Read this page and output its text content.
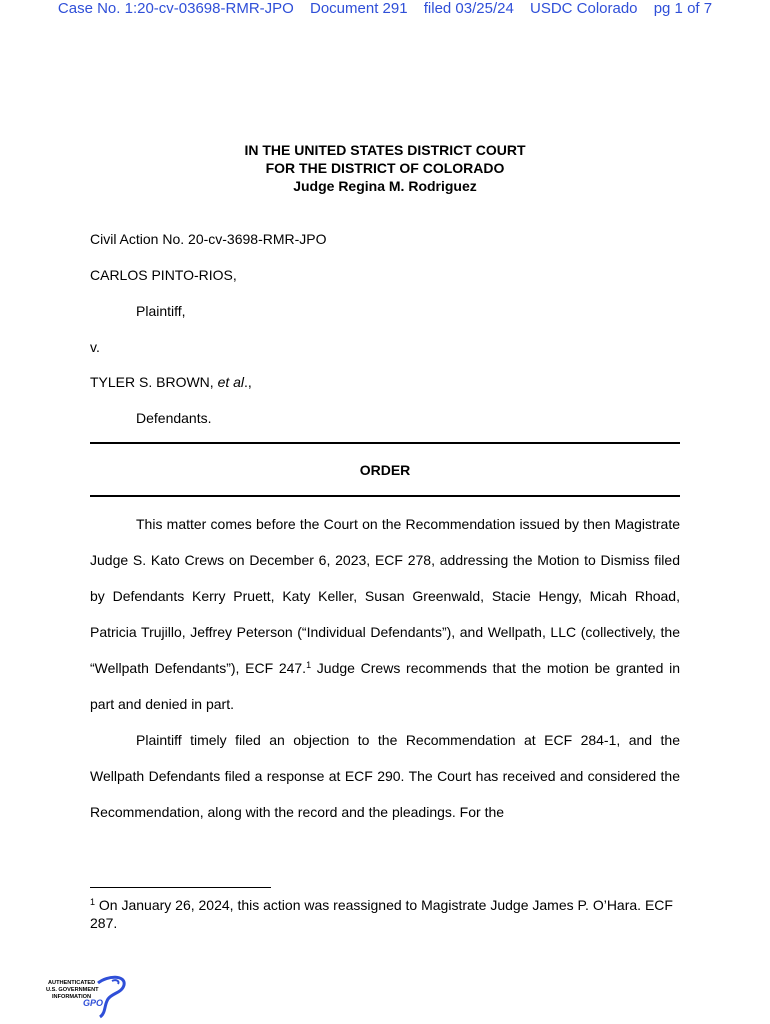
Case No. 1:20-cv-03698-RMR-JPO Document 291 filed 03/25/24 USDC Colorado pg 1 of 7
IN THE UNITED STATES DISTRICT COURT
FOR THE DISTRICT OF COLORADO
Judge Regina M. Rodriguez
Civil Action No. 20-cv-3698-RMR-JPO
CARLOS PINTO-RIOS,
Plaintiff,
v.
TYLER S. BROWN, et al.,
Defendants.
ORDER

This matter comes before the Court on the Recommendation issued by then Magistrate Judge S. Kato Crews on December 6, 2023, ECF 278, addressing the Motion to Dismiss filed by Defendants Kerry Pruett, Katy Keller, Susan Greenwald, Stacie Hengy, Micah Rhoad, Patricia Trujillo, Jeffrey Peterson (“Individual Defendants”), and Wellpath, LLC (collectively, the “Wellpath Defendants”), ECF 247.$^1$ Judge Crews recommends that the motion be granted in part and denied in part.

Plaintiff timely filed an objection to the Recommendation at ECF 284-1, and the Wellpath Defendants filed a response at ECF 290. The Court has received and considered the Recommendation, along with the record and the pleadings. For the

$^1$ On January 26, 2024, this action was reassigned to Magistrate Judge James P. O’Hara. ECF 287.
AUTHENTICATED
U.S. GOVERNMENT
INFORMATION
GPO
